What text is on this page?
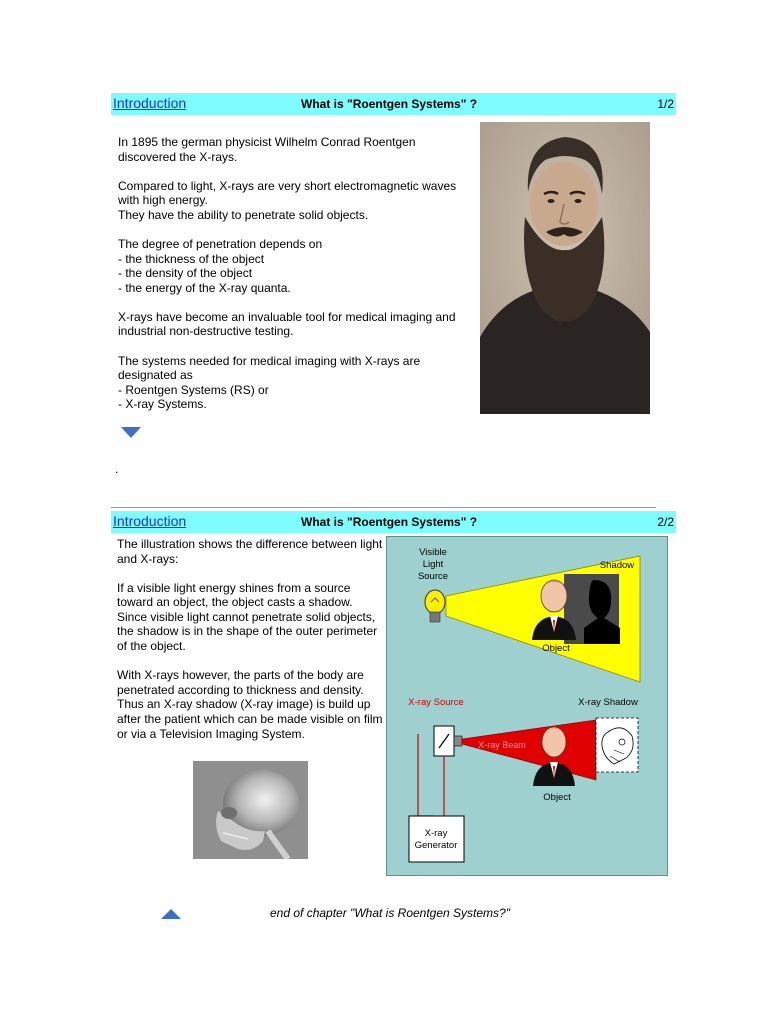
Introduction	What is "Roentgen Systems" ?	1/2

In 1895 the german physicist Wilhelm Conrad Roentgen discovered the X-rays.

Compared to light, X-rays are very short electromagnetic waves with high energy.
They have the ability to penetrate solid objects.

The degree of penetration depends on
- the thickness of the object
- the density of the object
- the energy of the X-ray quanta.

X-rays have become an invaluable tool for medical imaging and industrial non-destructive testing.

The systems needed for medical imaging with X-rays are designated as
- Roentgen Systems (RS) or
- X-ray Systems.

.
Introduction	What is "Roentgen Systems" ?	2/2

The illustration shows the difference between light and X-rays:

If a visible light energy shines from a source toward an object, the object casts a shadow. Since visible light cannot penetrate solid objects, the shadow is in the shape of the outer perimeter of the object.

With X-rays however, the parts of the body are penetrated according to thickness and density. Thus an X-ray shadow (X-ray image) is build up after the patient which can be made visible on film or via a Television Imaging System.

Visible
Light
Source
Shadow
Object
X-ray Source	X-ray Shadow
X-ray Beam
Object
X-ray
Generator
end of chapter "What is Roentgen Systems?"
